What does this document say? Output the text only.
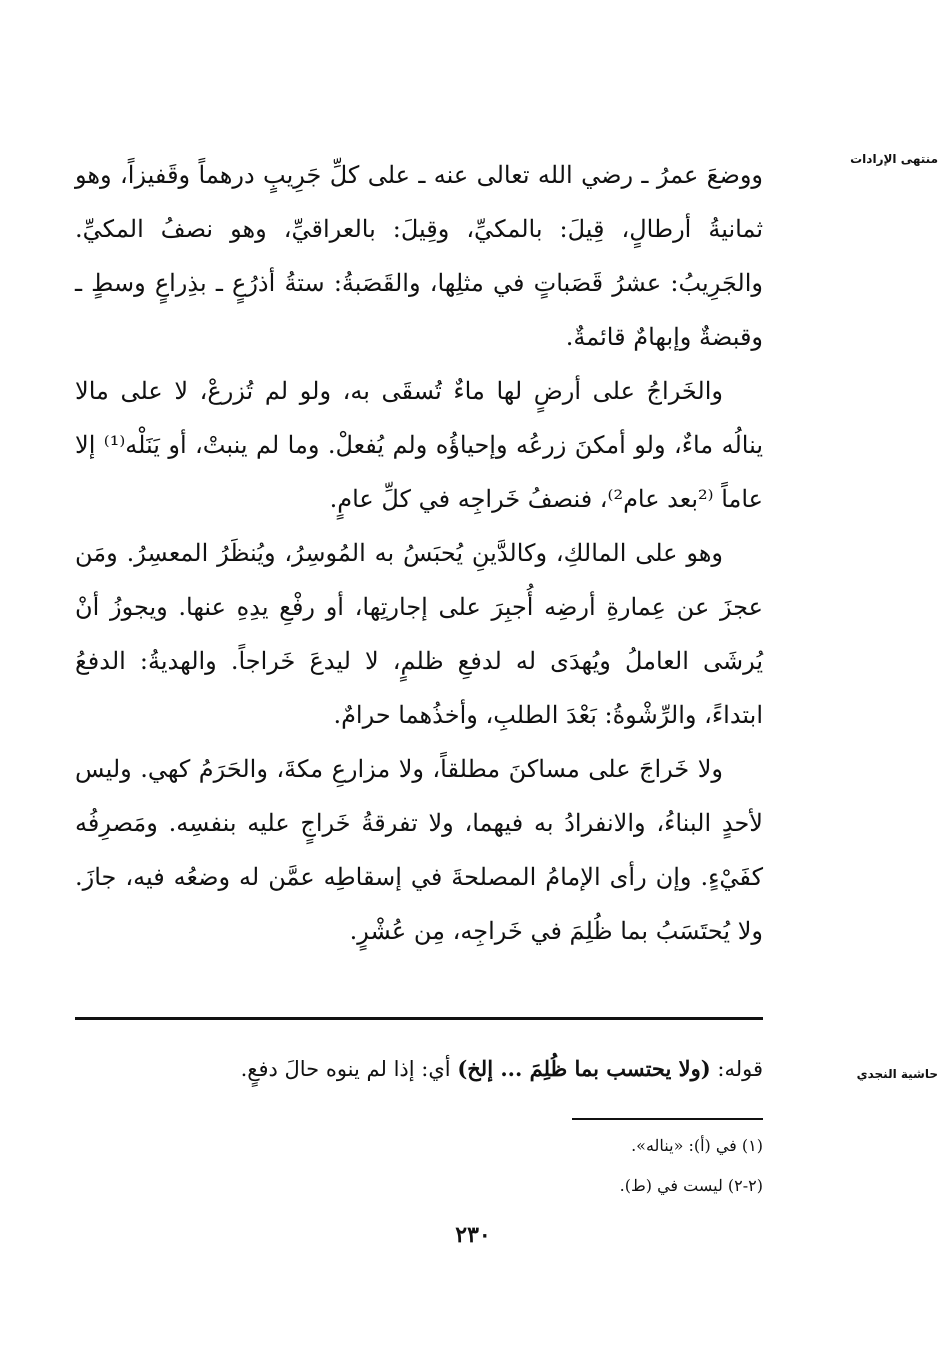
منتهى الإرادات
حاشية النجدي

ووضعَ عمرُ ـ رضي الله تعالى عنه ـ على كلِّ جَرِيبٍ درهماً وقَفيزاً، وهو ثمانيةُ أرطالٍ، قِيلَ: بالمكيِّ، وقِيلَ: بالعراقيِّ، وهو نصفُ المكيِّ. والجَرِيبُ: عشرُ قَصَباتٍ في مثلِها، والقَصَبةُ: ستةُ أذرُعٍ ـ بذِراعٍ وسطٍ ـ وقبضةٌ وإبهامٌ قائمةٌ.

والخَراجُ على أرضٍ لها ماءٌ تُسقَى به، ولو لم تُزرعْ، لا على مالا ينالُه ماءٌ، ولو أمكنَ زرعُه وإحياؤُه ولم يُفعلْ. وما لم ينبتْ، أو يَنَلْه⁽¹⁾ إلا عاماً ⁽²بعد عام²⁾، فنصفُ خَراجِه في كلِّ عامٍ.

وهو على المالكِ، وكالدَّينِ يُحبَسُ به المُوسِرُ، ويُنظَرُ المعسِرُ. ومَن عجزَ عن عِمارةِ أرضِه أُجبِرَ على إجارتِها، أو رفْعِ يدِهِ عنها. ويجوزُ أنْ يُرشَى العاملُ ويُهدَى له لدفعِ ظلمٍ، لا ليدعَ خَراجاً. والهديةُ: الدفعُ ابتداءً، والرِّشْوةُ: بَعْدَ الطلبِ، وأخذُهما حرامٌ.

ولا خَراجَ على مساكنَ مطلقاً، ولا مزارعِ مكةَ، والحَرَمُ كهي. وليس لأحدٍ البناءُ، والانفرادُ به فيهما، ولا تفرقةُ خَراجٍ عليه بنفسِه. ومَصرِفُه كفَيْءٍ. وإن رأى الإمامُ المصلحةَ في إسقاطِه عمَّن له وضعُه فيه، جازَ. ولا يُحتَسَبُ بما ظُلِمَ في خَراجِه، مِن عُشْرٍ.

قوله: (ولا يحتسب بما ظُلِمَ ... إلخ) أي: إذا لم ينوه حالَ دفعٍ.

(١) في (أ): «يناله».

(٢-٢) ليست في (ط).

٢٣٠
